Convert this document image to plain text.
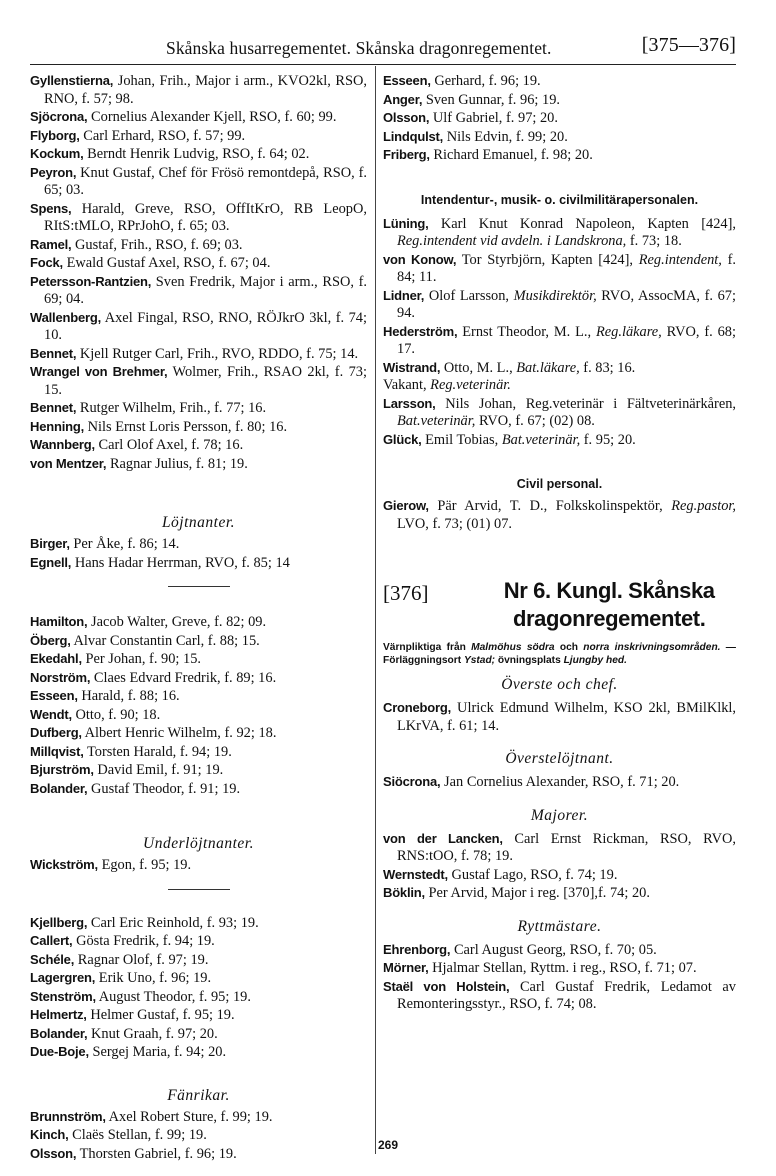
Skånska husarregementet. Skånska dragonregementet.	[375—376]

Gyllenstierna, Johan, Frih., Major i arm., KVO2kl, RSO, RNO, f. 57; 98.

Sjöcrona, Cornelius Alexander Kjell, RSO, f. 60; 99.

Flyborg, Carl Erhard, RSO, f. 57; 99.

Kockum, Berndt Henrik Ludvig, RSO, f. 64; 02.

Peyron, Knut Gustaf, Chef för Frösö remontdepå, RSO, f. 65; 03.

Spens, Harald, Greve, RSO, OffItKrO, RB LeopO, RItS:tMLO, RPrJohO, f. 65; 03.

Ramel, Gustaf, Frih., RSO, f. 69; 03.

Fock, Ewald Gustaf Axel, RSO, f. 67; 04.

Petersson-Rantzien, Sven Fredrik, Major i arm., RSO, f. 69; 04.

Wallenberg, Axel Fingal, RSO, RNO, RÖJkrO 3kl, f. 74; 10.

Bennet, Kjell Rutger Carl, Frih., RVO, RDDO, f. 75; 14.

Wrangel von Brehmer, Wolmer, Frih., RSAO 2kl, f. 73; 15.

Bennet, Rutger Wilhelm, Frih., f. 77; 16.

Henning, Nils Ernst Loris Persson, f. 80; 16.

Wannberg, Carl Olof Axel, f. 78; 16.

von Mentzer, Ragnar Julius, f. 81; 19.

Löjtnanter.

Birger, Per Åke, f. 86; 14.

Egnell, Hans Hadar Herrman, RVO, f. 85; 14

Hamilton, Jacob Walter, Greve, f. 82; 09.

Öberg, Alvar Constantin Carl, f. 88; 15.

Ekedahl, Per Johan, f. 90; 15.

Norström, Claes Edvard Fredrik, f. 89; 16.

Esseen, Harald, f. 88; 16.

Wendt, Otto, f. 90; 18.

Dufberg, Albert Henric Wilhelm, f. 92; 18.

Millqvist, Torsten Harald, f. 94; 19.

Bjurström, David Emil, f. 91; 19.

Bolander, Gustaf Theodor, f. 91; 19.

Underlöjtnanter.

Wickström, Egon, f. 95; 19.

Kjellberg, Carl Eric Reinhold, f. 93; 19.

Callert, Gösta Fredrik, f. 94; 19.

Schéle, Ragnar Olof, f. 97; 19.

Lagergren, Erik Uno, f. 96; 19.

Stenström, August Theodor, f. 95; 19.

Helmertz, Helmer Gustaf, f. 95; 19.

Bolander, Knut Graah, f. 97; 20.

Due-Boje, Sergej Maria, f. 94; 20.

Fänrikar.

Brunnström, Axel Robert Sture, f. 99; 19.

Kinch, Claës Stellan, f. 99; 19.

Olsson, Thorsten Gabriel, f. 96; 19.

Esseen, Gerhard, f. 96; 19.

Anger, Sven Gunnar, f. 96; 19.

Olsson, Ulf Gabriel, f. 97; 20.

Lindqulst, Nils Edvin, f. 99; 20.

Friberg, Richard Emanuel, f. 98; 20.

Intendentur-, musik- o. civilmilitärapersonalen.

Lüning, Karl Knut Konrad Napoleon, Kapten [424], Reg.intendent vid avdeln. i Landskrona, f. 73; 18.

von Konow, Tor Styrbjörn, Kapten [424], Reg.intendent, f. 84; 11.

Lidner, Olof Larsson, Musikdirektör, RVO, AssocMA, f. 67; 94.

Hederström, Ernst Theodor, M. L., Reg.läkare, RVO, f. 68; 17.

Wistrand, Otto, M. L., Bat.läkare, f. 83; 16.

Vakant, Reg.veterinär.

Larsson, Nils Johan, Reg.veterinär i Fältveterinärkåren, Bat.veterinär, RVO, f. 67; (02) 08.

Glück, Emil Tobias, Bat.veterinär, f. 95; 20.

Civil personal.

Gierow, Pär Arvid, T. D., Folkskolinspektör, Reg.pastor, LVO, f. 73; (01) 07.

[376]	Nr 6. Kungl. Skånska
dragonregementet.

Värnpliktiga från Malmöhus södra och norra inskrivningsområden. — Förläggningsort Ystad; övningsplats Ljungby hed.

Överste och chef.

Croneborg, Ulrick Edmund Wilhelm, KSO 2kl, BMilKlkl, LKrVA, f. 61; 14.

Överstelöjtnant.

Siöcrona, Jan Cornelius Alexander, RSO, f. 71; 20.

Majorer.

von der Lancken, Carl Ernst Rickman, RSO, RVO, RNS:tOO, f. 78; 19.

Wernstedt, Gustaf Lago, RSO, f. 74; 19.

Böklin, Per Arvid, Major i reg. [370],f. 74; 20.

Ryttmästare.

Ehrenborg, Carl August Georg, RSO, f. 70; 05.

Mörner, Hjalmar Stellan, Ryttm. i reg., RSO, f. 71; 07.

Staël von Holstein, Carl Gustaf Fredrik, Ledamot av Remonteringsstyr., RSO, f. 74; 08.

269
